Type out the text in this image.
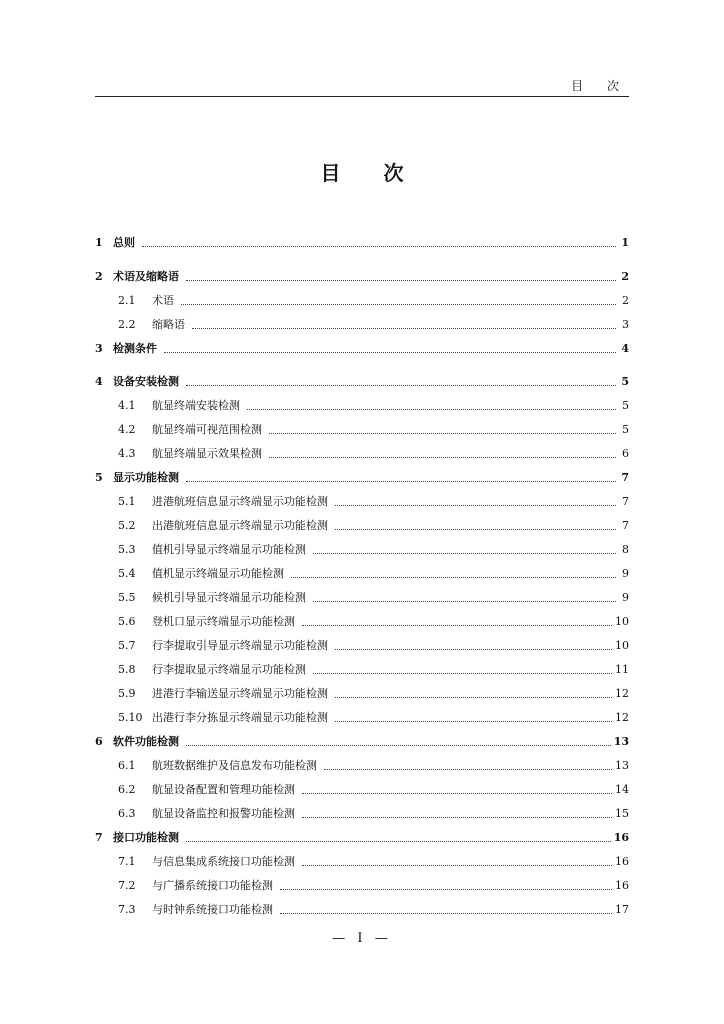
目 次
目 次
1 总则	1
2 术语及缩略语	2
2.1	术语	2
2.2	缩略语	3
3 检测条件	4
4 设备安装检测	5
4.1	航显终端安装检测	5
4.2	航显终端可视范围检测	5
4.3	航显终端显示效果检测	6
5 显示功能检测	7
5.1	进港航班信息显示终端显示功能检测	7
5.2	出港航班信息显示终端显示功能检测	7
5.3	值机引导显示终端显示功能检测	8
5.4	值机显示终端显示功能检测	9
5.5	候机引导显示终端显示功能检测	9
5.6	登机口显示终端显示功能检测	10
5.7	行李提取引导显示终端显示功能检测	10
5.8	行李提取显示终端显示功能检测	11
5.9	进港行李输送显示终端显示功能检测	12
5.10 出港行李分拣显示终端显示功能检测	12
6 软件功能检测	13
6.1	航班数据维护及信息发布功能检测	13
6.2	航显设备配置和管理功能检测	14
6.3	航显设备监控和报警功能检测	15
7 接口功能检测	16
7.1	与信息集成系统接口功能检测	16
7.2	与广播系统接口功能检测	16
7.3	与时钟系统接口功能检测	17
— I —
